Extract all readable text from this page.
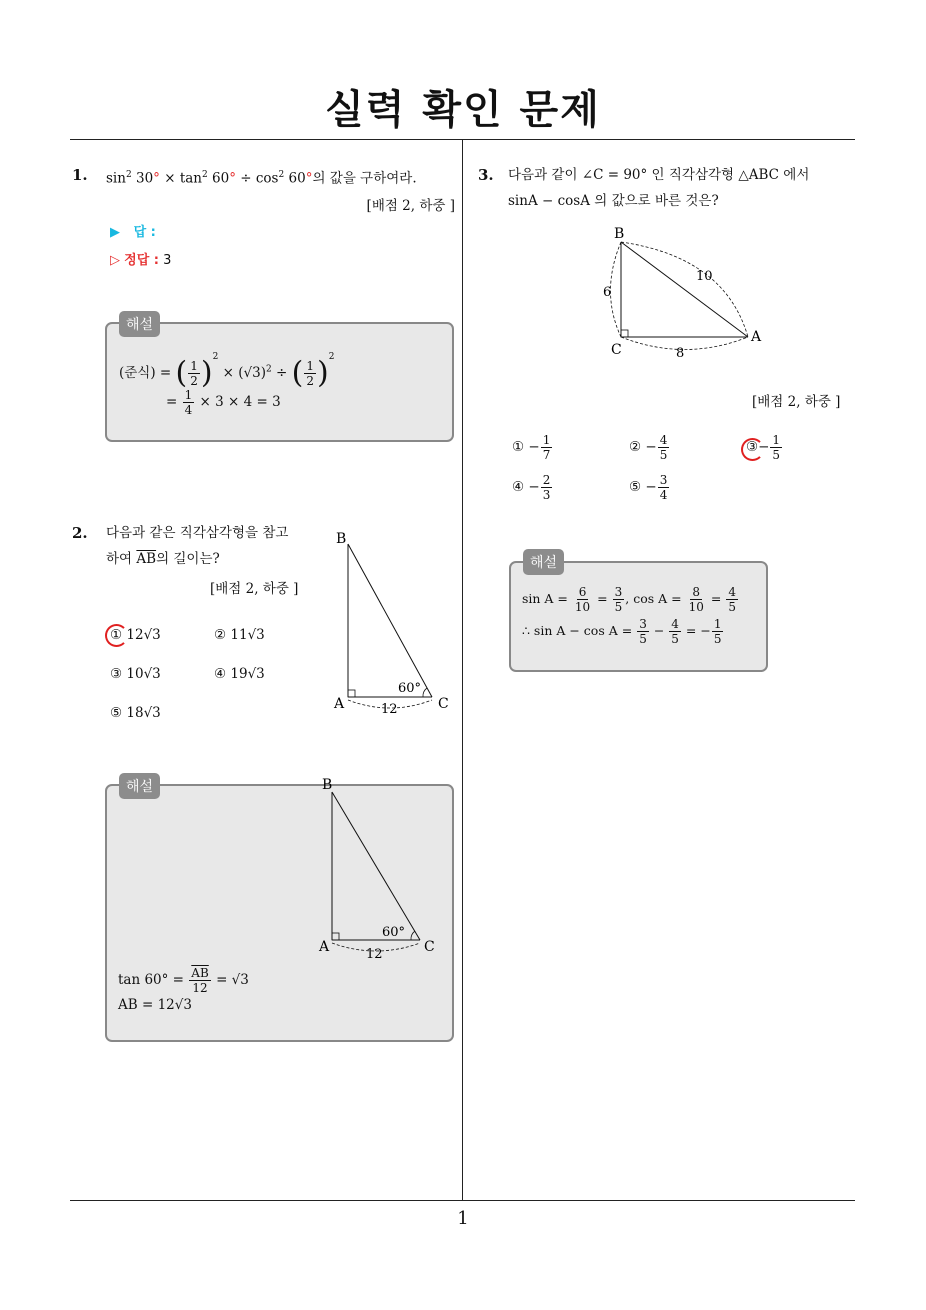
실력 확인 문제
1
1. $\sin^2 30^\circ \times \tan^2 60^\circ \div \cos^2 60^\circ$의 값을 구하여라.
[배점 2, 하중 ]
▶ 답 :
▷ 정답 : 3
해설
(준식) = ( $\frac{1}{2} )^2 \times (√3)^2$ ÷ ( $\frac{1}{2} )^2$
= $\frac{1}{4} \times 3 \times 4 = 3$
2. 다음과 같은 직각삼각형을 참고
하여 $\overline{AB}$의 길이는?
[배점 2, 하중 ]
① 12√3	② 11√3
③ 10√3	④ 19√3
⑤ 18√3
B
A	C
60°

12
해설	B
A	C
60°
12
$\tan 60^\circ = \frac{\overline{AB}}{12} = √3$
AB = 12√3
3. 다음과 같이 ∠C = 90° 인 직각삼각형 △ABC 에서
sinA − cosA 의 값으로 바른 것은?
B
C
A
6
10
8
[배점 2, 하중 ]
① − $\frac{1}{7}$	② − $\frac{4}{5}$	③− $\frac{1}{5}$
④ − $\frac{2}{3}$	⑤ − $\frac{3}{4}$
해설
$\sin A = \frac{6}{10} = \frac{3}{5}$ , $\cos A = \frac{8}{10} = \frac{4}{5}$
∴ $\sin A - \cos A = \frac{3}{5} - \frac{4}{5}$ = − $\frac{1}{5}$
